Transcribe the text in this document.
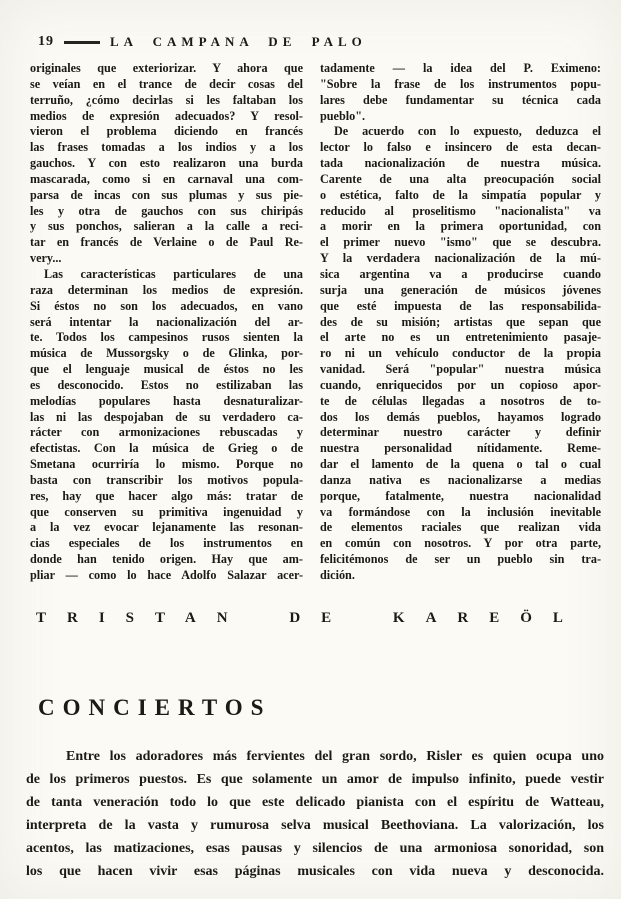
19	LA CAMPANA DE PALO
originales que exteriorizar. Y ahora que
se veían en el trance de decir cosas del
terruño, ¿cómo decirlas si les faltaban los
medios de expresión adecuados? Y resol-
vieron el problema diciendo en francés
las frases tomadas a los indios y a los
gauchos. Y con esto realizaron una burda
mascarada, como si en carnaval una com-
parsa de incas con sus plumas y sus pie-
les y otra de gauchos con sus chiripás
y sus ponchos, salieran a la calle a reci-
tar en francés de Verlaine o de Paul Re-
very...
Las características particulares de una
raza determinan los medios de expresión.
Si éstos no son los adecuados, en vano
será intentar la nacionalización del ar-
te. Todos los campesinos rusos sienten la
música de Mussorgsky o de Glinka, por-
que el lenguaje musical de éstos no les
es desconocido. Estos no estilizaban las
melodías populares hasta desnaturalizar-
las ni las despojaban de su verdadero ca-
rácter con armonizaciones rebuscadas y
efectistas. Con la música de Grieg o de
Smetana ocurriría lo mismo. Porque no
basta con transcribir los motivos popula-
res, hay que hacer algo más: tratar de
que conserven su primitiva ingenuidad y
a la vez evocar lejanamente las resonan-
cias especiales de los instrumentos en
donde han tenido origen. Hay que am-
pliar — como lo hace Adolfo Salazar acer-
tadamente — la idea del P. Eximeno:
"Sobre la frase de los instrumentos popu-
lares debe fundamentar su técnica cada
pueblo".
De acuerdo con lo expuesto, deduzca el
lector lo falso e insincero de esta decan-
tada nacionalización de nuestra música.
Carente de una alta preocupación social
o estética, falto de la simpatía popular y
reducido al proselitismo "nacionalista" va
a morir en la primera oportunidad, con
el primer nuevo "ismo" que se descubra.
Y la verdadera nacionalización de la mú-
sica argentina va a producirse cuando
surja una generación de músicos jóvenes
que esté impuesta de las responsabilida-
des de su misión; artistas que sepan que
el arte no es un entretenimiento pasaje-
ro ni un vehículo conductor de la propia
vanidad. Será "popular" nuestra música
cuando, enriquecidos por un copioso apor-
te de células llegadas a nosotros de to-
dos los demás pueblos, hayamos logrado
determinar nuestro carácter y definir
nuestra personalidad nítidamente. Reme-
dar el lamento de la quena o tal o cual
danza nativa es nacionalizarse a medias
porque, fatalmente, nuestra nacionalidad
va formándose con la inclusión inevitable
de elementos raciales que realizan vida
en común con nosotros. Y por otra parte,
felicitémonos de ser un pueblo sin tra-
dición.
TRISTAN DE KAREÖL
CONCIERTOS
Entre los adoradores más fervientes del gran sordo, Risler es quien ocupa uno
de los primeros puestos. Es que solamente un amor de impulso infinito, puede vestir
de tanta veneración todo lo que este delicado pianista con el espíritu de Watteau,
interpreta de la vasta y rumurosa selva musical Beethoviana. La valorización, los
acentos, las matizaciones, esas pausas y silencios de una armoniosa sonoridad, son
los que hacen vivir esas páginas musicales con vida nueva y desconocida.
